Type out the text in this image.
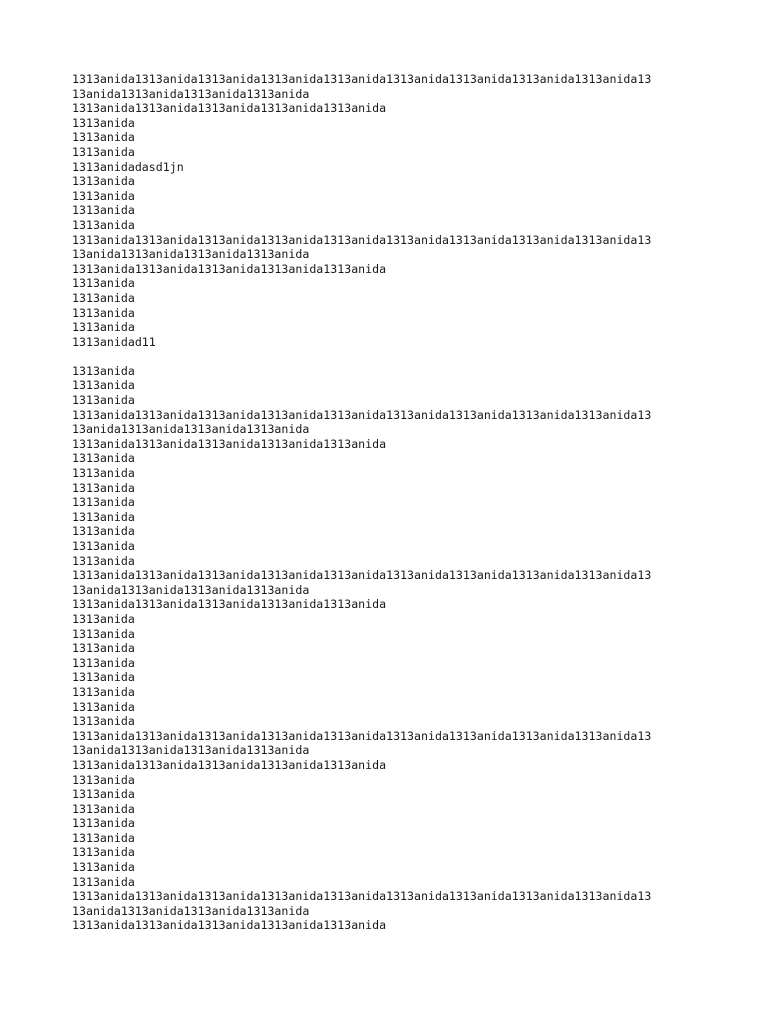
1313anida1313anida1313anida1313anida1313anida1313anida1313anida1313anida1313anida13
13anida1313anida1313anida1313anida
1313anida1313anida1313anida1313anida1313anida
1313anida
1313anida
1313anida
1313anidadasd1jn
1313anida
1313anida
1313anida
1313anida
1313anida1313anida1313anida1313anida1313anida1313anida1313anida1313anida1313anida13
13anida1313anida1313anida1313anida
1313anida1313anida1313anida1313anida1313anida
1313anida
1313anida
1313anida
1313anida
1313anidad11
1313anida
1313anida
1313anida
1313anida1313anida1313anida1313anida1313anida1313anida1313anida1313anida1313anida13
13anida1313anida1313anida1313anida
1313anida1313anida1313anida1313anida1313anida
1313anida
1313anida
1313anida
1313anida
1313anida
1313anida
1313anida
1313anida
1313anida1313anida1313anida1313anida1313anida1313anida1313anida1313anida1313anida13
13anida1313anida1313anida1313anida
1313anida1313anida1313anida1313anida1313anida
1313anida
1313anida
1313anida
1313anida
1313anida
1313anida
1313anida
1313anida
1313anida1313anida1313anida1313anida1313anida1313anida1313anida1313anida1313anida13
13anida1313anida1313anida1313anida
1313anida1313anida1313anida1313anida1313anida
1313anida
1313anida
1313anida
1313anida
1313anida
1313anida
1313anida
1313anida
1313anida1313anida1313anida1313anida1313anida1313anida1313anida1313anida1313anida13
13anida1313anida1313anida1313anida
1313anida1313anida1313anida1313anida1313anida
